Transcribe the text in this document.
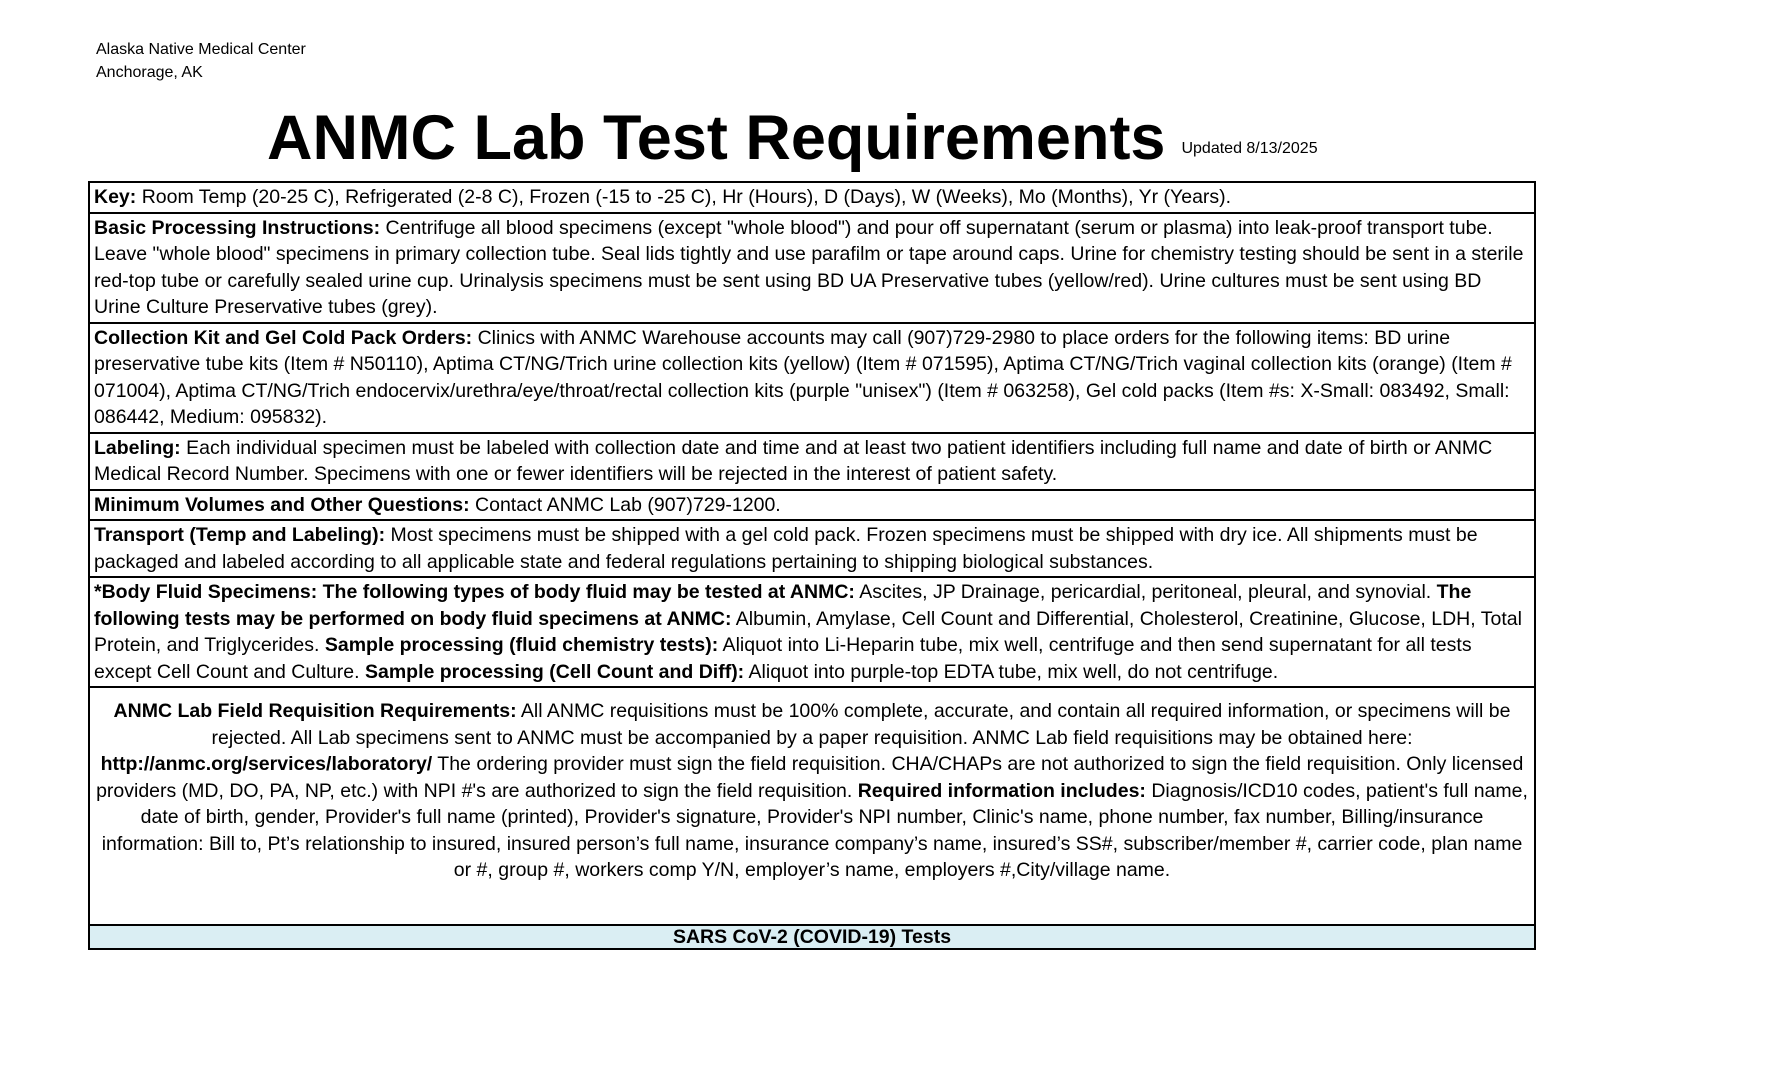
Alaska Native Medical Center
Anchorage, AK
ANMC Lab Test Requirements Updated 8/13/2025
Key: Room Temp (20-25 C), Refrigerated (2-8 C), Frozen (-15 to -25 C), Hr (Hours), D (Days), W (Weeks), Mo (Months), Yr (Years).
Basic Processing Instructions: Centrifuge all blood specimens (except "whole blood") and pour off supernatant (serum or plasma) into leak-proof transport tube. Leave "whole blood" specimens in primary collection tube. Seal lids tightly and use parafilm or tape around caps. Urine for chemistry testing should be sent in a sterile red-top tube or carefully sealed urine cup. Urinalysis specimens must be sent using BD UA Preservative tubes (yellow/red). Urine cultures must be sent using BD Urine Culture Preservative tubes (grey).
Collection Kit and Gel Cold Pack Orders: Clinics with ANMC Warehouse accounts may call (907)729-2980 to place orders for the following items: BD urine preservative tube kits (Item # N50110), Aptima CT/NG/Trich urine collection kits (yellow) (Item # 071595), Aptima CT/NG/Trich vaginal collection kits (orange) (Item # 071004), Aptima CT/NG/Trich endocervix/urethra/eye/throat/rectal collection kits (purple "unisex") (Item # 063258), Gel cold packs (Item #s: X-Small: 083492, Small: 086442, Medium: 095832).
Labeling: Each individual specimen must be labeled with collection date and time and at least two patient identifiers including full name and date of birth or ANMC Medical Record Number. Specimens with one or fewer identifiers will be rejected in the interest of patient safety.
Minimum Volumes and Other Questions: Contact ANMC Lab (907)729-1200.
Transport (Temp and Labeling): Most specimens must be shipped with a gel cold pack. Frozen specimens must be shipped with dry ice. All shipments must be packaged and labeled according to all applicable state and federal regulations pertaining to shipping biological substances.
*Body Fluid Specimens: The following types of body fluid may be tested at ANMC: Ascites, JP Drainage, pericardial, peritoneal, pleural, and synovial. The following tests may be performed on body fluid specimens at ANMC: Albumin, Amylase, Cell Count and Differential, Cholesterol, Creatinine, Glucose, LDH, Total Protein, and Triglycerides. Sample processing (fluid chemistry tests): Aliquot into Li-Heparin tube, mix well, centrifuge and then send supernatant for all tests except Cell Count and Culture. Sample processing (Cell Count and Diff): Aliquot into purple-top EDTA tube, mix well, do not centrifuge.
ANMC Lab Field Requisition Requirements: All ANMC requisitions must be 100% complete, accurate, and contain all required information, or specimens will be rejected. All Lab specimens sent to ANMC must be accompanied by a paper requisition. ANMC Lab field requisitions may be obtained here: http://anmc.org/services/laboratory/ The ordering provider must sign the field requisition. CHA/CHAPs are not authorized to sign the field requisition. Only licensed providers (MD, DO, PA, NP, etc.) with NPI #'s are authorized to sign the field requisition. Required information includes: Diagnosis/ICD10 codes, patient's full name, date of birth, gender, Provider's full name (printed), Provider's signature, Provider's NPI number, Clinic's name, phone number, fax number, Billing/insurance information: Bill to, Pt’s relationship to insured, insured person’s full name, insurance company’s name, insured’s SS#, subscriber/member #, carrier code, plan name or #, group #, workers comp Y/N, employer’s name, employers #,City/village name.
SARS CoV-2 (COVID-19) Tests
